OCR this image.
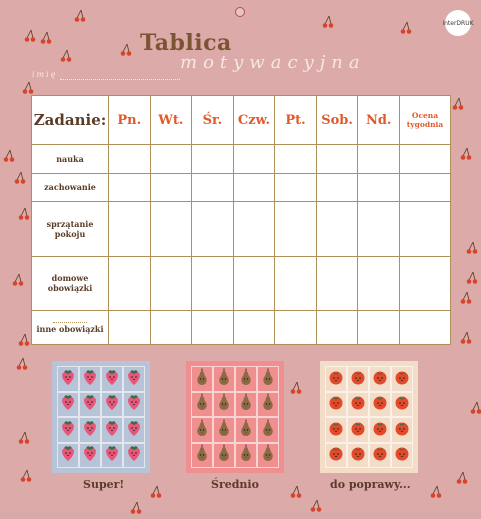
interDRUK
Tablica
motywacyjna
imię
Zadanie:	Pn.	Wt.	Śr.	Czw.	Pt.	Sob.	Nd.	Ocena tygodnia
nauka								
zachowanie								
sprzątanie pokoju								
domowe obowiązki								

inne obowiązki								
Super!	Średnio	do poprawy...
